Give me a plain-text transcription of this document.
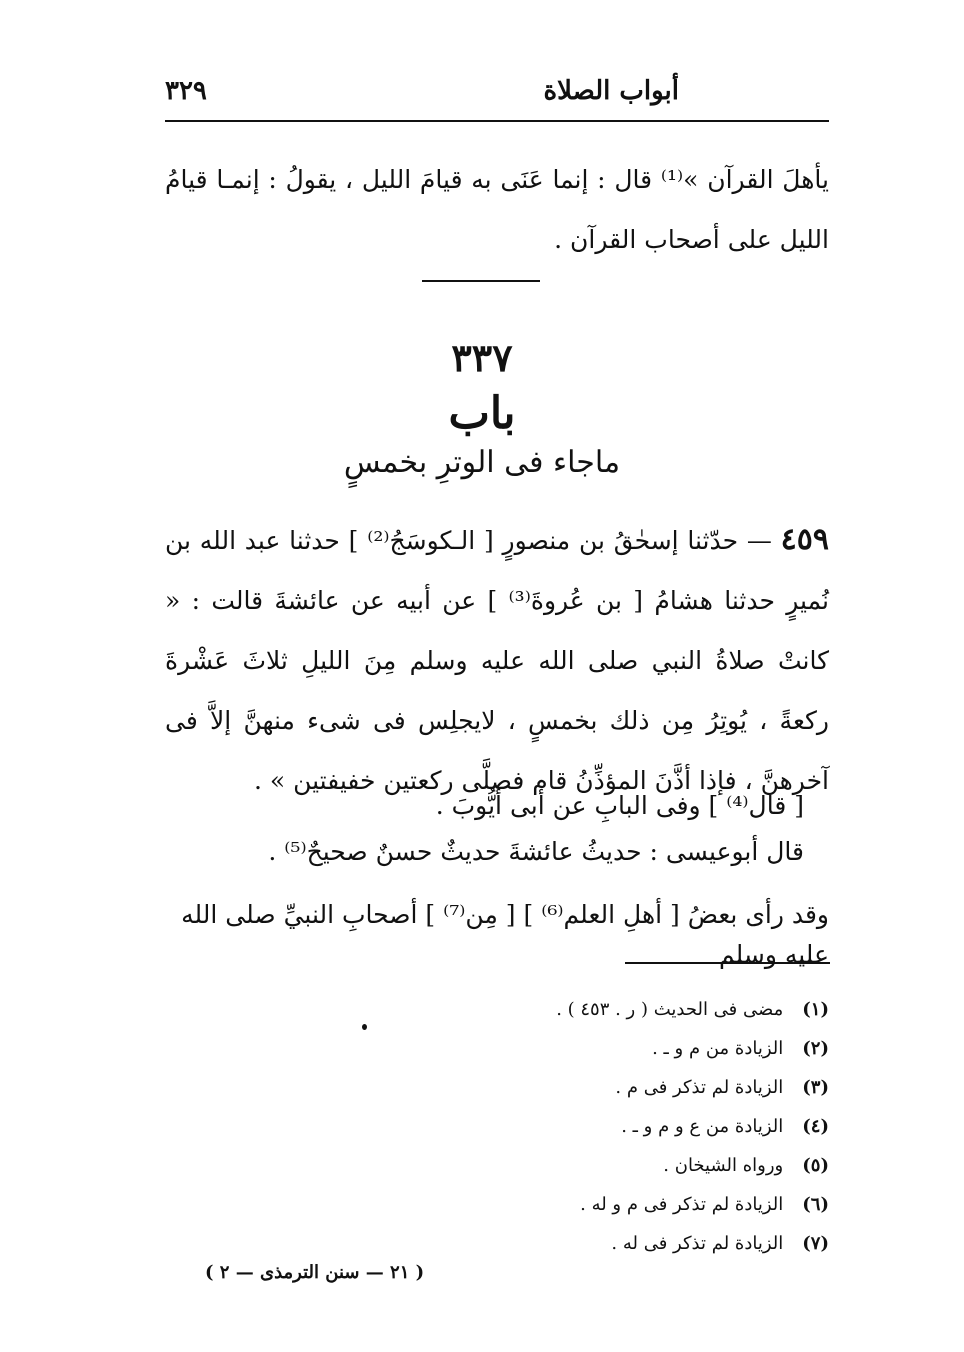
أبواب الصلاة
٣٢٩
يأهلَ القرآن »⁽¹⁾ قال : إنما عَنَى به قيامَ الليل ، يقولُ : إنمـا قيامُ الليل على أصحاب القرآن .
٣٣٧
باب
ماجاء فى الوترِ بخمسٍ
٤٥٩ — حدّثنا إسحٰقُ بن منصورٍ [ الـكوسَجُ⁽²⁾ ] حدثنا عبد الله بن نُميرٍ حدثنا هشامُ [ بن عُروةَ⁽³⁾ ] عن أبيه عن عائشةَ قالت : « كانتْ صلاةُ النبي صلى الله عليه وسلم مِنَ الليلِ ثلاثَ عَشْرةَ ركعةً ، يُوتِرُ مِن ذلك بخمسٍ ، لايجلِس فى شىء منهنَّ إلاَّ فى آخرهنَّ ، فإذا أذَّنَ المؤذِّنُ قام فصلَّى ركعتين خفيفتين » .
[ قال⁽⁴⁾ ] وفى البابِ عن أبى أيُّوبَ .
قال أبوعيسى : حديثُ عائشةَ حديثٌ حسنٌ صحيحٌ⁽⁵⁾ .
وقد رأى بعضُ [ أهلِ العلم⁽⁶⁾ ] [ مِن⁽⁷⁾ ] أصحابِ النبيِّ صلى الله عليه وسلم
(١) مضى فى الحديث ( ر . ٤٥٣ ) .
(٢) الزيادة من م و ـ .
(٣) الزيادة لم تذكر فى م .
(٤) الزيادة من ع و م و ـ .
(٥) ورواه الشيخان .
(٦) الزيادة لم تذكر فى م و له .
(٧) الزيادة لم تذكر فى له .
( ٢١ — سنن الترمذى — ٢ )
